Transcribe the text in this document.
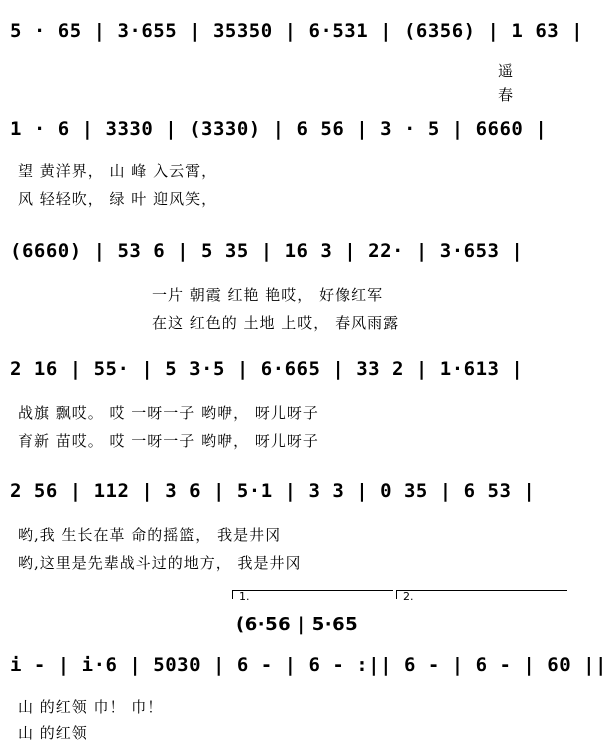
5 · 65 | 3·655 | 35350 | 6·531 | (6356) | 1 63 |
遥
春
1 · 6 | 3330 | (3330) | 6 56 | 3 · 5 | 6660 |
望 黄洋界， 山 峰 入云霄，
风 轻轻吹， 绿 叶 迎风笑，
(6660) | 53 6 | 5 35 | 16 3 | 22· | 3·653 |
一片 朝霞 红艳 艳哎， 好像红军
在这 红色的 土地 上哎， 春风雨露
2 16 | 55· | 5 3·5 | 6·665 | 33 2 | 1·613 |
战旗 飘哎。 哎 一呀一子 哟咿， 呀儿呀子
育新 苗哎。 哎 一呀一子 哟咿， 呀儿呀子
2 56 | 112 | 3 6 | 5·1 | 3 3 | 0 35 | 6 53 |
哟,我 生长在革 命的摇篮， 我是井冈
哟,这里是先辈战斗过的地方， 我是井冈
1.	2.
(6·56 | 5·65
i - | i·6 | 5030 | 6 - | 6 - :|| 6 - | 6 - | 60 ||
山 的红领 巾！ 巾！
山 的红领
